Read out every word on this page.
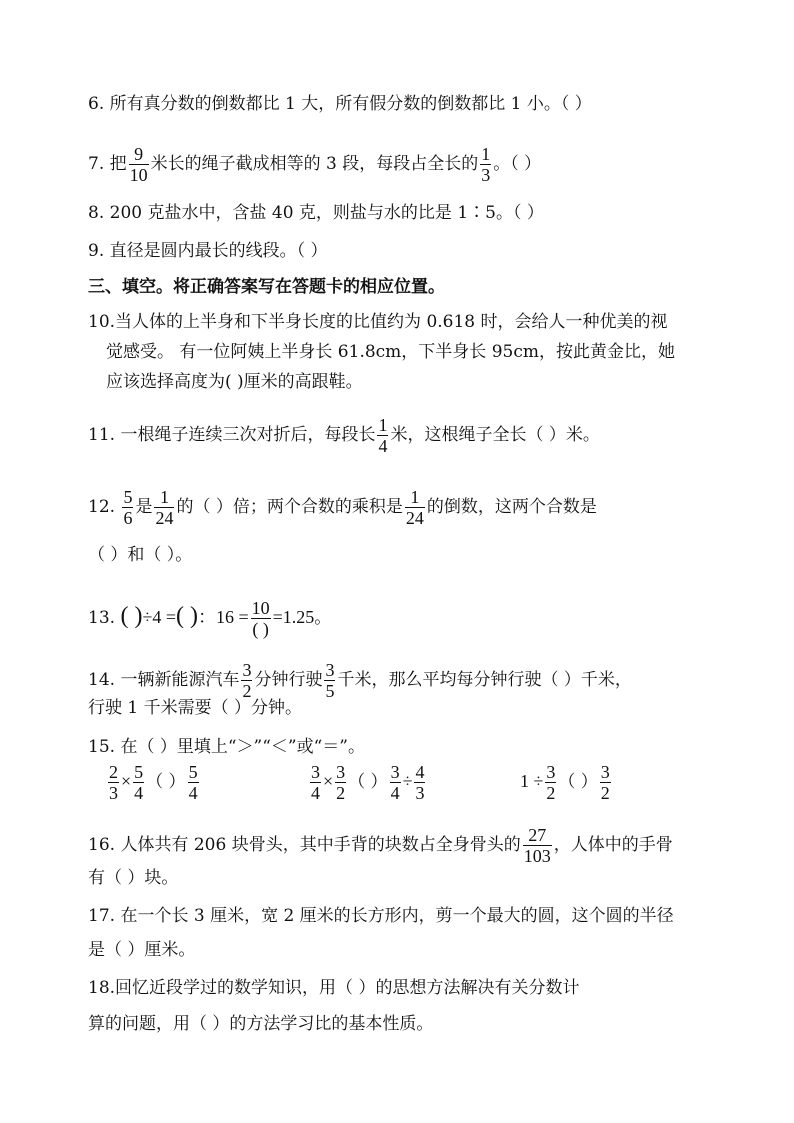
6. 所有真分数的倒数都比 1 大，所有假分数的倒数都比 1 小。（ ）
7. 把 $\frac{9}{10}$ 米长的绳子截成相等的 3 段，每段占全长的 $\frac{1}{3}$ 。（ ）
8. 200 克盐水中，含盐 40 克，则盐与水的比是 1∶5。（ ）
9. 直径是圆内最长的线段。（ ）
三、填空。将正确答案写在答题卡的相应位置。
10.当人体的上半身和下半身长度的比值约为 0.618 时，会给人一种优美的视
觉感受。 有一位阿姨上半身长 61.8cm，下半身长 95cm，按此黄金比，她
应该选择高度为( )厘米的高跟鞋。
11. 一根绳子连续三次对折后，每段长 $\frac{1}{4}$ 米，这根绳子全长（ ）米。
12. $\frac{5}{6}$ 是 $\frac{1}{24}$ 的（ ）倍；两个合数的乘积是 $\frac{1}{24}$ 的倒数，这两个合数是
（ ）和（ ）。
13. ( )÷4 =( )：$16 = \frac{10}{( )} =1.25$。
14. 一辆新能源汽车 $\frac{3}{2}$ 分钟行驶 $\frac{3}{5}$ 千米，那么平均每分钟行驶（ ）千米，
行驶 1 千米需要（ ）分钟。
15. 在（ ）里填上“＞”“＜”或“＝”。
$\frac{2}{3} \times \frac{5}{4}$ （ ） $\frac{5}{4}$	$\frac{3}{4} \times \frac{3}{2}$ （ ） $\frac{3}{4} \div \frac{4}{3}$	$1 \div \frac{3}{2}$ （ ） $\frac{3}{2}$
16. 人体共有 206 块骨头，其中手背的块数占全身骨头的 $\frac{27}{103}$ ，人体中的手骨
有（ ）块。
17. 在一个长 3 厘米，宽 2 厘米的长方形内，剪一个最大的圆，这个圆的半径
是（ ）厘米。
18.回忆近段学过的数学知识，用（ ）的思想方法解决有关分数计
算的问题，用（ ）的方法学习比的基本性质。
